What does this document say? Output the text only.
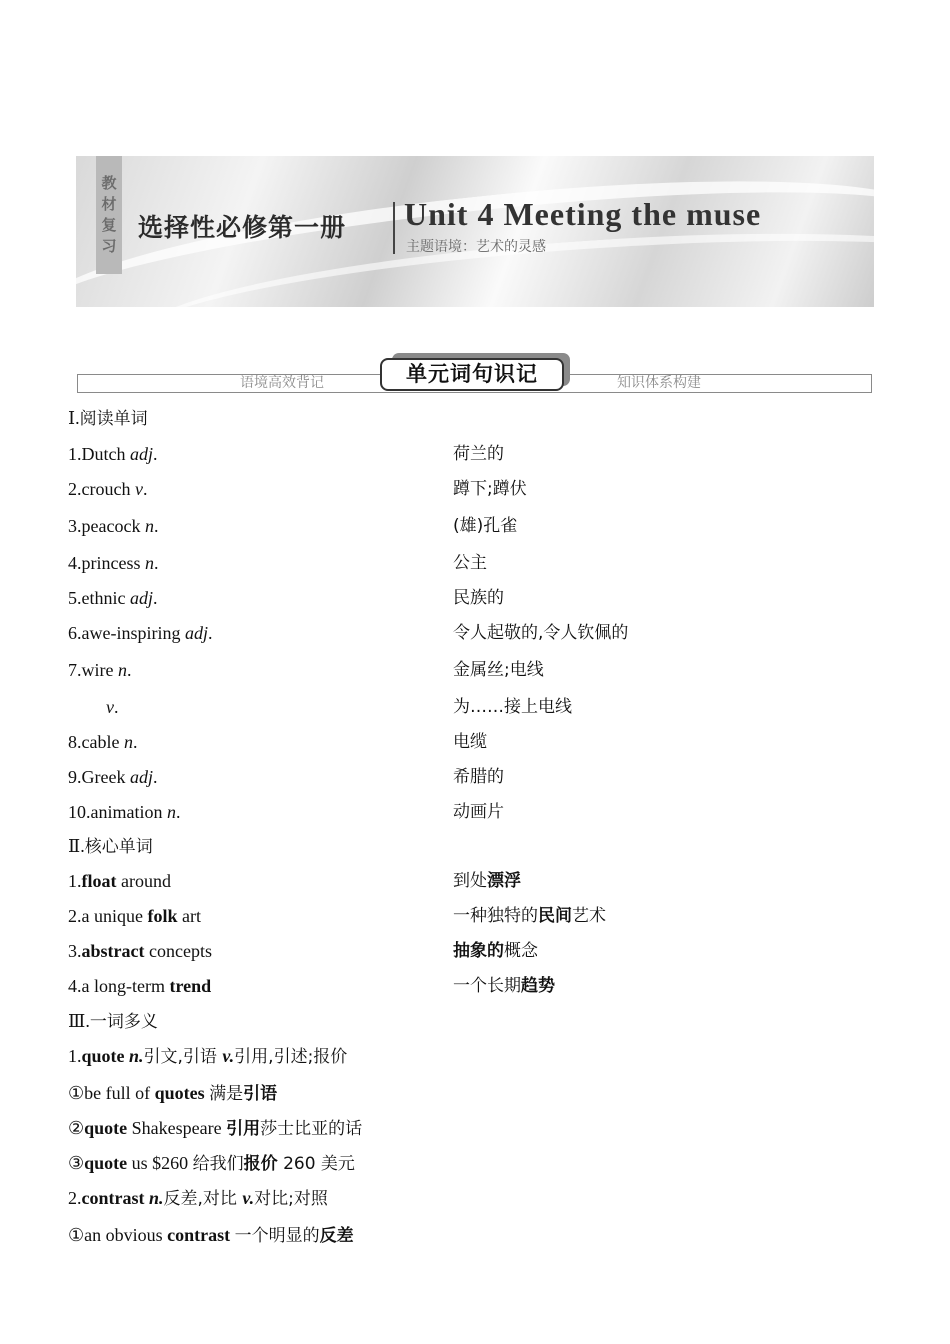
教
材
复
习
选择性必修第一册 Unit 4 Meeting the muse
主题语境：艺术的灵感
语境高效背记	知识体系构建
单元词句识记
Ⅰ.阅读单词
1.Dutch adj.	荷兰的
2.crouch v.	蹲下;蹲伏
3.peacock n.	(雄)孔雀
4.princess n.	公主
5.ethnic adj.	民族的
6.awe-inspiring adj.	令人起敬的,令人钦佩的
7.wire n.	金属丝;电线
v.	为……接上电线
8.cable n.	电缆
9.Greek adj.	希腊的
10.animation n.	动画片
Ⅱ.核心单词
1.float around	到处漂浮
2.a unique folk art	一种独特的民间艺术
3.abstract concepts	抽象的概念
4.a long-term trend	一个长期趋势
Ⅲ.一词多义
1.quote n.引文,引语 v.引用,引述;报价
①be full of quotes 满是引语
②quote Shakespeare 引用莎士比亚的话
③quote us $260 给我们报价 260 美元
2.contrast n.反差,对比 v.对比;对照
①an obvious contrast 一个明显的反差
